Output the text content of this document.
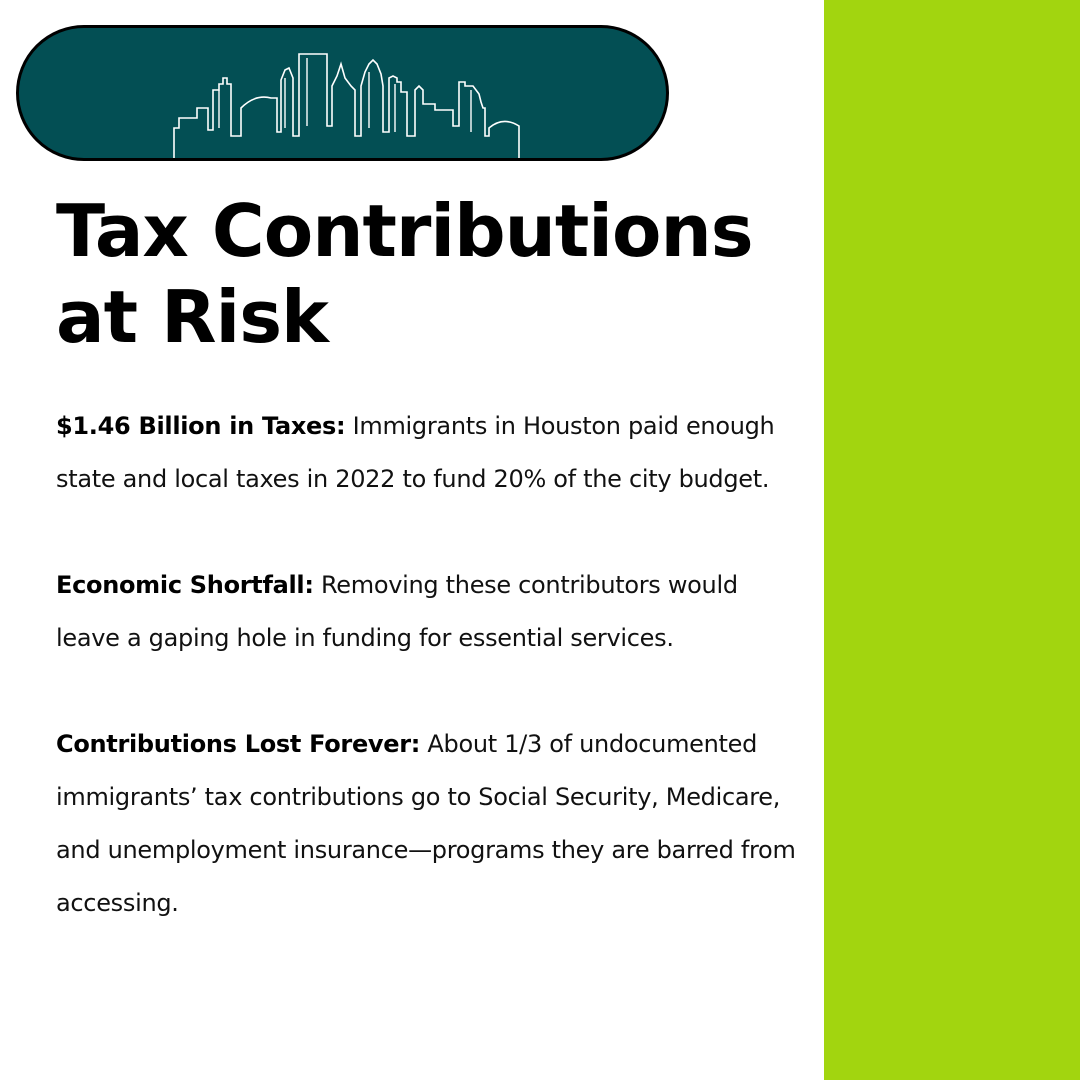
Tax Contributions at Risk

$1.46 Billion in Taxes: Immigrants in Houston paid enough state and local taxes in 2022 to fund 20% of the city budget.

Economic Shortfall: Removing these contributors would leave a gaping hole in funding for essential services.

Contributions Lost Forever: About 1/3 of undocumented immigrants’ tax contributions go to Social Security, Medicare, and unemployment insurance—programs they are barred from accessing.
